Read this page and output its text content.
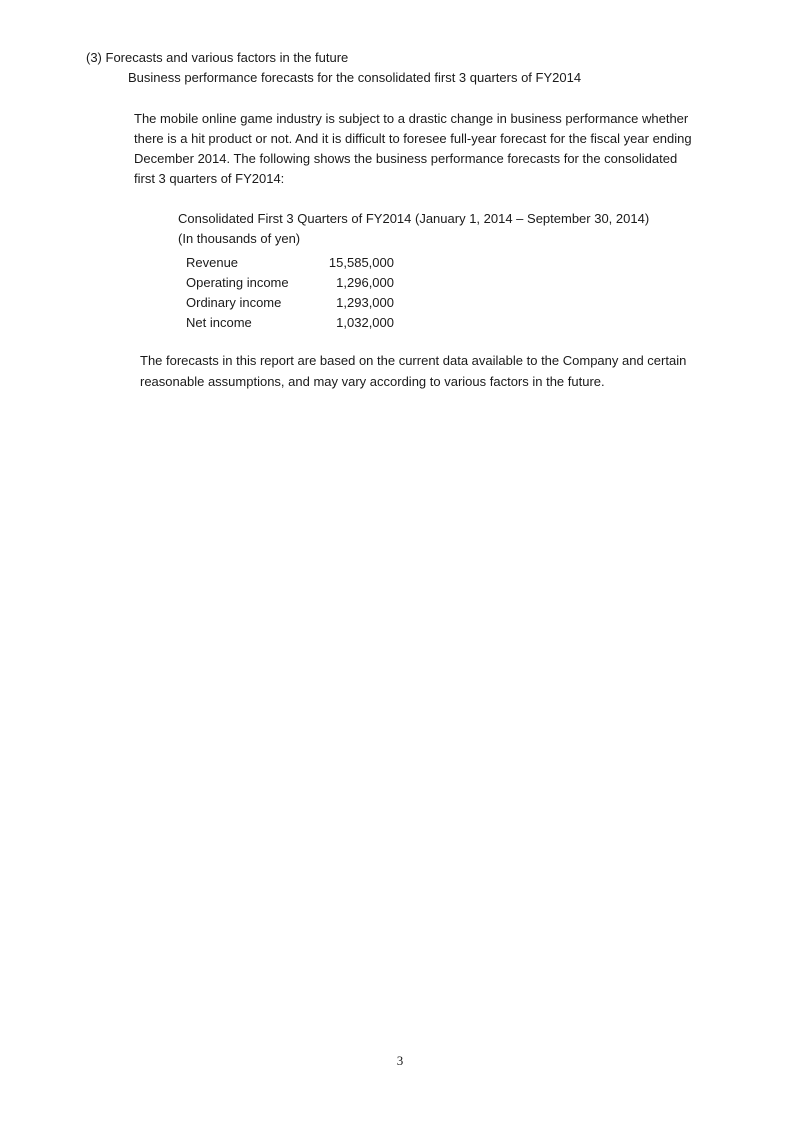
(3) Forecasts and various factors in the future

Business performance forecasts for the consolidated first 3 quarters of FY2014

The mobile online game industry is subject to a drastic change in business performance whether
there is a hit product or not. And it is difficult to foresee full-year forecast for the fiscal year ending
December 2014. The following shows the business performance forecasts for the consolidated
first 3 quarters of FY2014:

Consolidated First 3 Quarters of FY2014 (January 1, 2014 – September 30, 2014)

(In thousands of yen)

Revenue	15,585,000
Operating income	1,296,000
Ordinary income	1,293,000
Net income	1,032,000

The forecasts in this report are based on the current data available to the Company and certain
reasonable assumptions, and may vary according to various factors in the future.

3
